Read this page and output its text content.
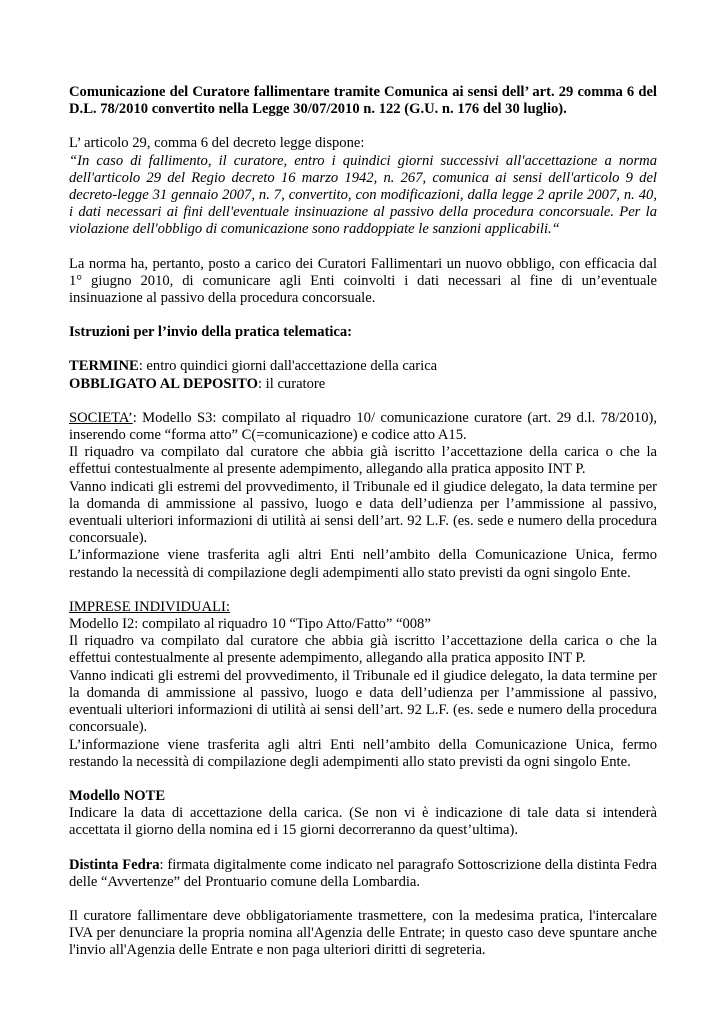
Comunicazione del Curatore fallimentare tramite Comunica ai sensi dell’ art. 29 comma 6 del D.L. 78/2010 convertito nella Legge 30/07/2010 n. 122 (G.U. n. 176 del 30 luglio).

L’ articolo 29, comma 6 del decreto legge dispone:

“In caso di fallimento, il curatore, entro i quindici giorni successivi all'accettazione a norma dell'articolo 29 del Regio decreto 16 marzo 1942, n. 267, comunica ai sensi dell'articolo 9 del decreto-legge 31 gennaio 2007, n. 7, convertito, con modificazioni, dalla legge 2 aprile 2007, n. 40, i dati necessari ai fini dell'eventuale insinuazione al passivo della procedura concorsuale. Per la violazione dell'obbligo di comunicazione sono raddoppiate le sanzioni applicabili.“

La norma ha, pertanto, posto a carico dei Curatori Fallimentari un nuovo obbligo, con efficacia dal 1° giugno 2010, di comunicare agli Enti coinvolti i dati necessari al fine di un’eventuale insinuazione al passivo della procedura concorsuale.

Istruzioni per l’invio della pratica telematica:

TERMINE: entro quindici giorni dall'accettazione della carica

OBBLIGATO AL DEPOSITO: il curatore

SOCIETA’: Modello S3: compilato al riquadro 10/ comunicazione curatore (art. 29 d.l. 78/2010), inserendo come “forma atto” C(=comunicazione) e codice atto A15.

Il riquadro va compilato dal curatore che abbia già iscritto l’accettazione della carica o che la effettui contestualmente al presente adempimento, allegando alla pratica apposito INT P.

Vanno indicati gli estremi del provvedimento, il Tribunale ed il giudice delegato, la data termine per la domanda di ammissione al passivo, luogo e data dell’udienza per l’ammissione al passivo, eventuali ulteriori informazioni di utilità ai sensi dell’art. 92 L.F. (es. sede e numero della procedura concorsuale).

L’informazione viene trasferita agli altri Enti nell’ambito della Comunicazione Unica, fermo restando la necessità di compilazione degli adempimenti allo stato previsti da ogni singolo Ente.

IMPRESE INDIVIDUALI:

Modello I2: compilato al riquadro 10 “Tipo Atto/Fatto” “008”

Il riquadro va compilato dal curatore che abbia già iscritto l’accettazione della carica o che la effettui contestualmente al presente adempimento, allegando alla pratica apposito INT P.

Vanno indicati gli estremi del provvedimento, il Tribunale ed il giudice delegato, la data termine per la domanda di ammissione al passivo, luogo e data dell’udienza per l’ammissione al passivo, eventuali ulteriori informazioni di utilità ai sensi dell’art. 92 L.F. (es. sede e numero della procedura concorsuale).

L’informazione viene trasferita agli altri Enti nell’ambito della Comunicazione Unica, fermo restando la necessità di compilazione degli adempimenti allo stato previsti da ogni singolo Ente.

Modello NOTE

Indicare la data di accettazione della carica. (Se non vi è indicazione di tale data si intenderà accettata il giorno della nomina ed i 15 giorni decorreranno da quest’ultima).

Distinta Fedra: firmata digitalmente come indicato nel paragrafo Sottoscrizione della distinta Fedra delle “Avvertenze” del Prontuario comune della Lombardia.

Il curatore fallimentare deve obbligatoriamente trasmettere, con la medesima pratica, l'intercalare IVA per denunciare la propria nomina all'Agenzia delle Entrate; in questo caso deve spuntare anche l'invio all'Agenzia delle Entrate e non paga ulteriori diritti di segreteria.
